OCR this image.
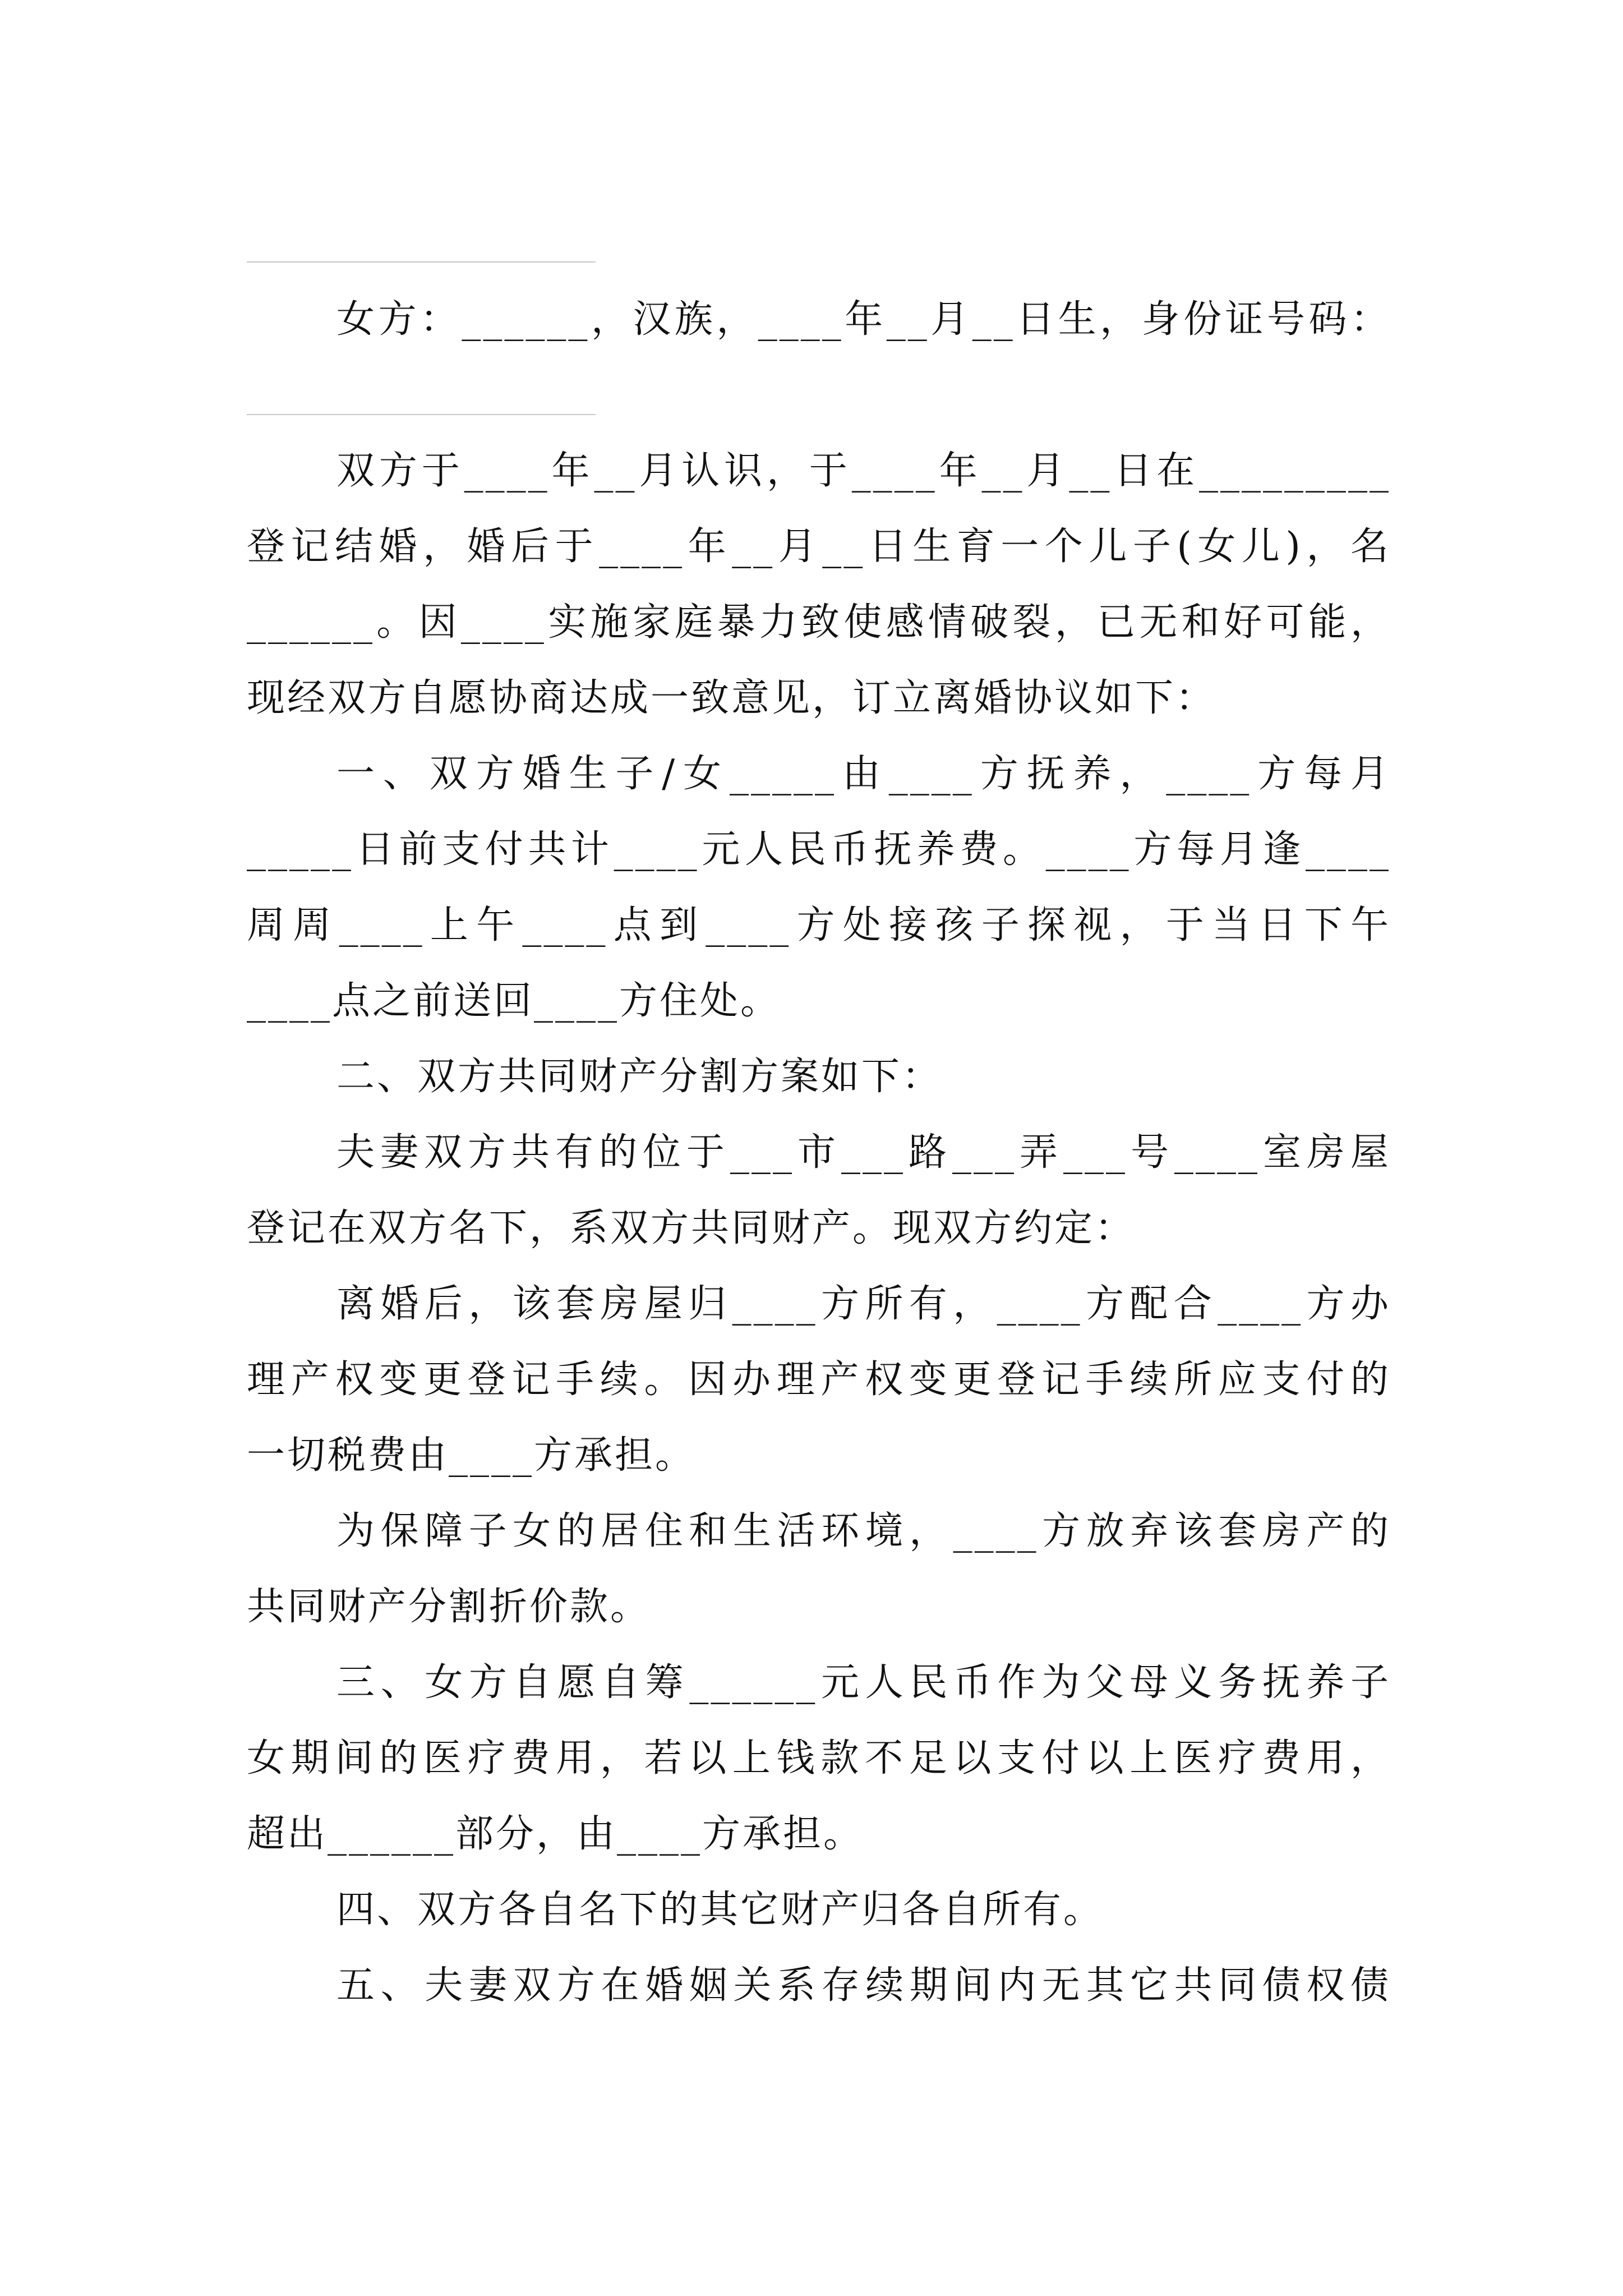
女方：______，汉族，____年__月__日生，身份证号码：
双方于____年__月认识，于____年__月__日在_________
登记结婚，婚后于____年__月__日生育一个儿子(女儿)，名
______。因____实施家庭暴力致使感情破裂，已无和好可能，
现经双方自愿协商达成一致意见，订立离婚协议如下：
一、双方婚生子/女_____由____方抚养，____方每月
_____日前支付共计____元人民币抚养费。____方每月逢____
周周____上午____点到____方处接孩子探视，于当日下午
____点之前送回____方住处。
二、双方共同财产分割方案如下：
夫妻双方共有的位于___市___路___弄___号____室房屋
登记在双方名下，系双方共同财产。现双方约定：
离婚后，该套房屋归____方所有，____方配合____方办
理产权变更登记手续。因办理产权变更登记手续所应支付的
一切税费由____方承担。
为保障子女的居住和生活环境，____方放弃该套房产的
共同财产分割折价款。
三、女方自愿自筹______元人民币作为父母义务抚养子
女期间的医疗费用，若以上钱款不足以支付以上医疗费用，
超出______部分，由____方承担。
四、双方各自名下的其它财产归各自所有。
五、夫妻双方在婚姻关系存续期间内无其它共同债权债
